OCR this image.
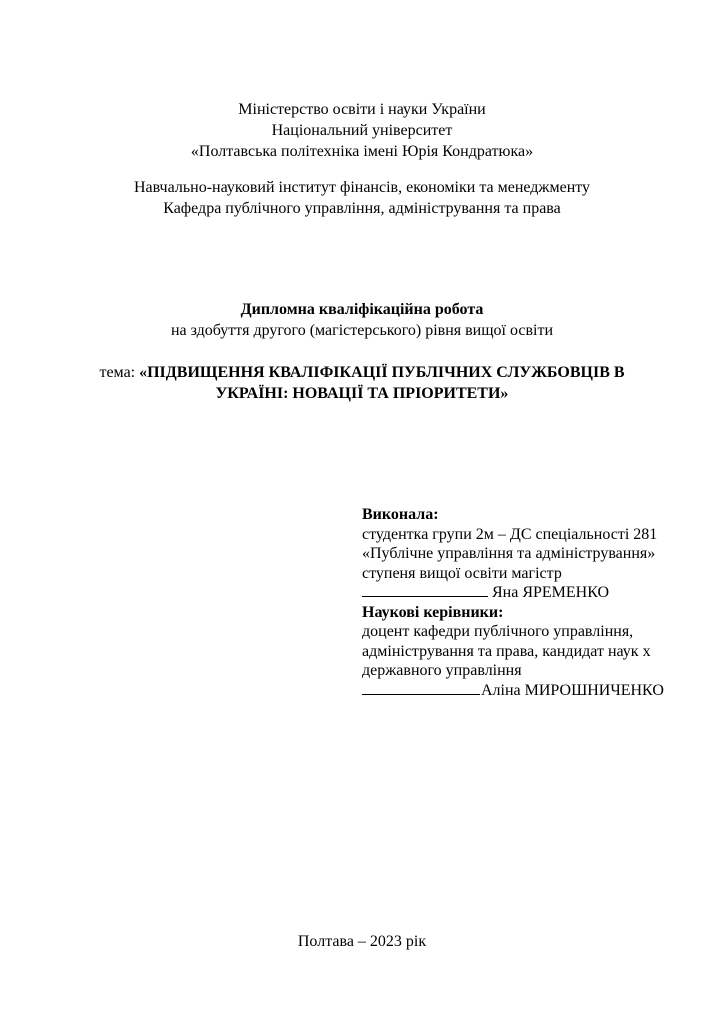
Міністерство освіти і науки України
Національний університет
«Полтавська політехніка імені Юрія Кондратюка»
Навчально-науковий інститут фінансів, економіки та менеджменту
Кафедра публічного управління, адміністрування та права
Дипломна кваліфікаційна робота
на здобуття другого (магістерського) рівня вищої освіти
тема: «ПІДВИЩЕННЯ КВАЛІФІКАЦІЇ ПУБЛІЧНИХ СЛУЖБОВЦІВ В
УКРАЇНІ: НОВАЦІЇ ТА ПРІОРИТЕТИ»
Виконала:
студентка групи 2м – ДС спеціальності 281
«Публічне управління та адміністрування»
ступеня вищої освіти магістр
Яна ЯРЕМЕНКО
Наукові керівники:
доцент кафедри публічного управління,
адміністрування та права, кандидат наук х
державного управління
Аліна МИРОШНИЧЕНКО
Полтава – 2023 рік
